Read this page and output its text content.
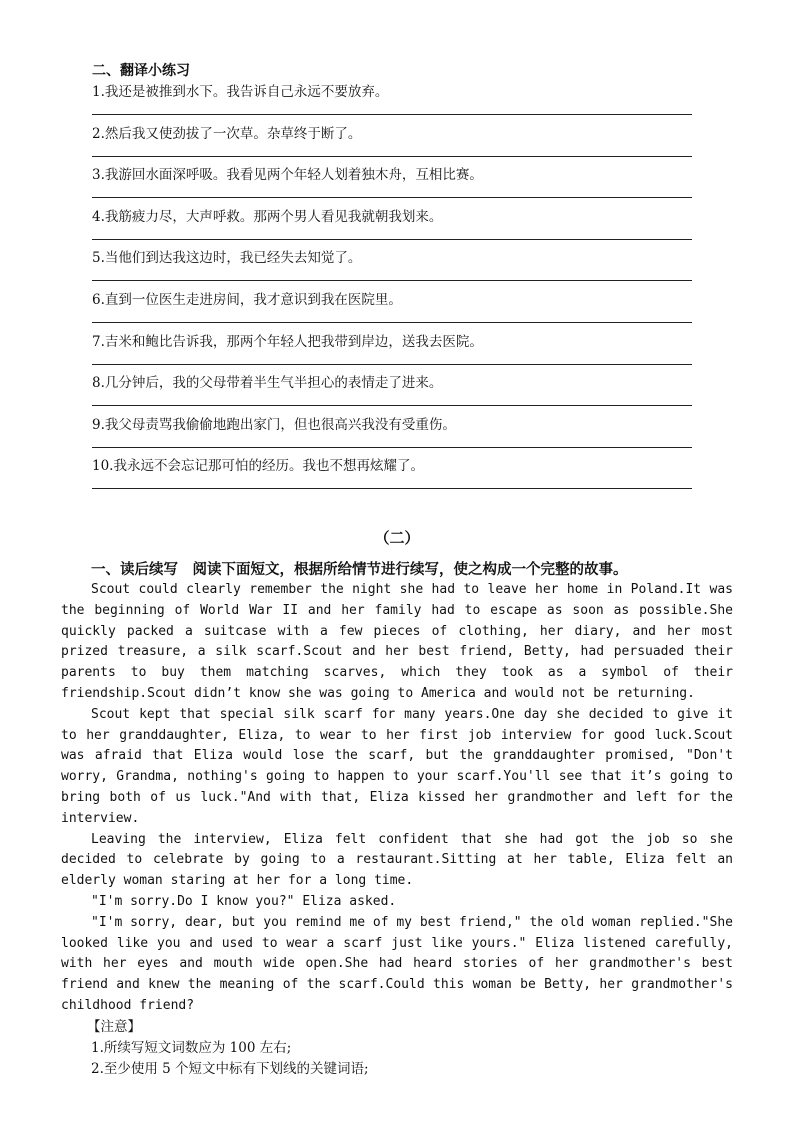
二、翻译小练习
1.我还是被推到水下。我告诉自己永远不要放弃。
2.然后我又使劲拔了一次草。杂草终于断了。
3.我游回水面深呼吸。我看见两个年轻人划着独木舟，互相比赛。
4.我筋疲力尽，大声呼救。那两个男人看见我就朝我划来。
5.当他们到达我这边时，我已经失去知觉了。
6.直到一位医生走进房间，我才意识到我在医院里。
7.吉米和鲍比告诉我，那两个年轻人把我带到岸边，送我去医院。
8.几分钟后，我的父母带着半生气半担心的表情走了进来。
9.我父母责骂我偷偷地跑出家门，但也很高兴我没有受重伤。
10.我永远不会忘记那可怕的经历。我也不想再炫耀了。
（二）
一、读后续写　阅读下面短文，根据所给情节进行续写，使之构成一个完整的故事。

Scout could clearly remember the night she had to leave her home in Poland.It was the beginning of World War II and her family had to escape as soon as possible.She quickly packed a suitcase with a few pieces of clothing, her diary, and her most prized treasure, a silk scarf.Scout and her best friend, Betty, had persuaded their parents to buy them matching scarves, which they took as a symbol of their friendship.Scout didn’t know she was going to America and would not be returning.

Scout kept that special silk scarf for many years.One day she decided to give it to her granddaughter, Eliza, to wear to her first job interview for good luck.Scout was afraid that Eliza would lose the scarf, but the granddaughter promised, "Don't worry, Grandma, nothing's going to happen to your scarf.You'll see that it’s going to bring both of us luck."And with that, Eliza kissed her grandmother and left for the interview.

Leaving the interview, Eliza felt confident that she had got the job so she decided to celebrate by going to a restaurant.Sitting at her table, Eliza felt an elderly woman staring at her for a long time.

"I'm sorry.Do I know you?" Eliza asked.

"I'm sorry, dear, but you remind me of my best friend," the old woman replied."She looked like you and used to wear a scarf just like yours." Eliza listened carefully, with her eyes and mouth wide open.She had heard stories of her grandmother's best friend and knew the meaning of the scarf.Could this woman be Betty, her grandmother's childhood friend?

【注意】
1.所续写短文词数应为 100 左右;
2.至少使用 5 个短文中标有下划线的关键词语;
